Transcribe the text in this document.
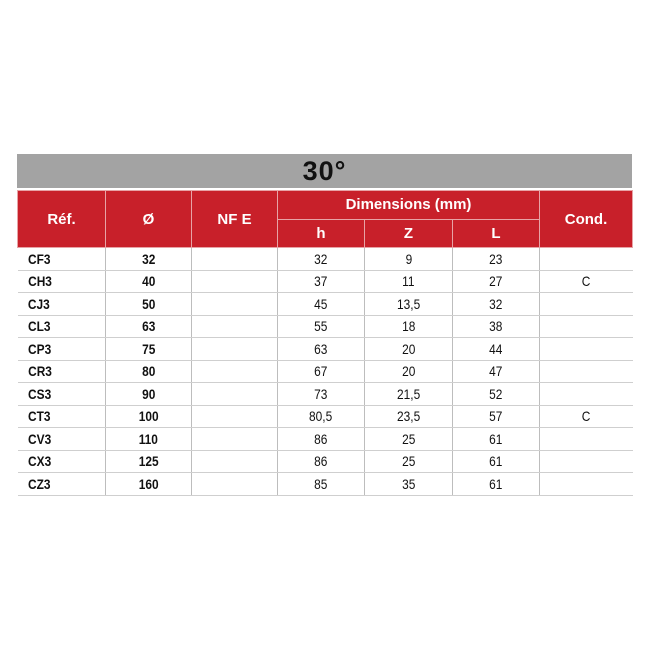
30°
Réf.	Ø	NF E	Dimensions (mm)			Cond.
			h	Z	L	
CF3	32		32	9	23	
CH3	40		37	11	27	C
CJ3	50		45	13,5	32	
CL3	63		55	18	38	
CP3	75		63	20	44	
CR3	80		67	20	47	
CS3	90		73	21,5	52	
CT3	100		80,5	23,5	57	C
CV3	110		86	25	61	
CX3	125		86	25	61	
CZ3	160		85	35	61	
